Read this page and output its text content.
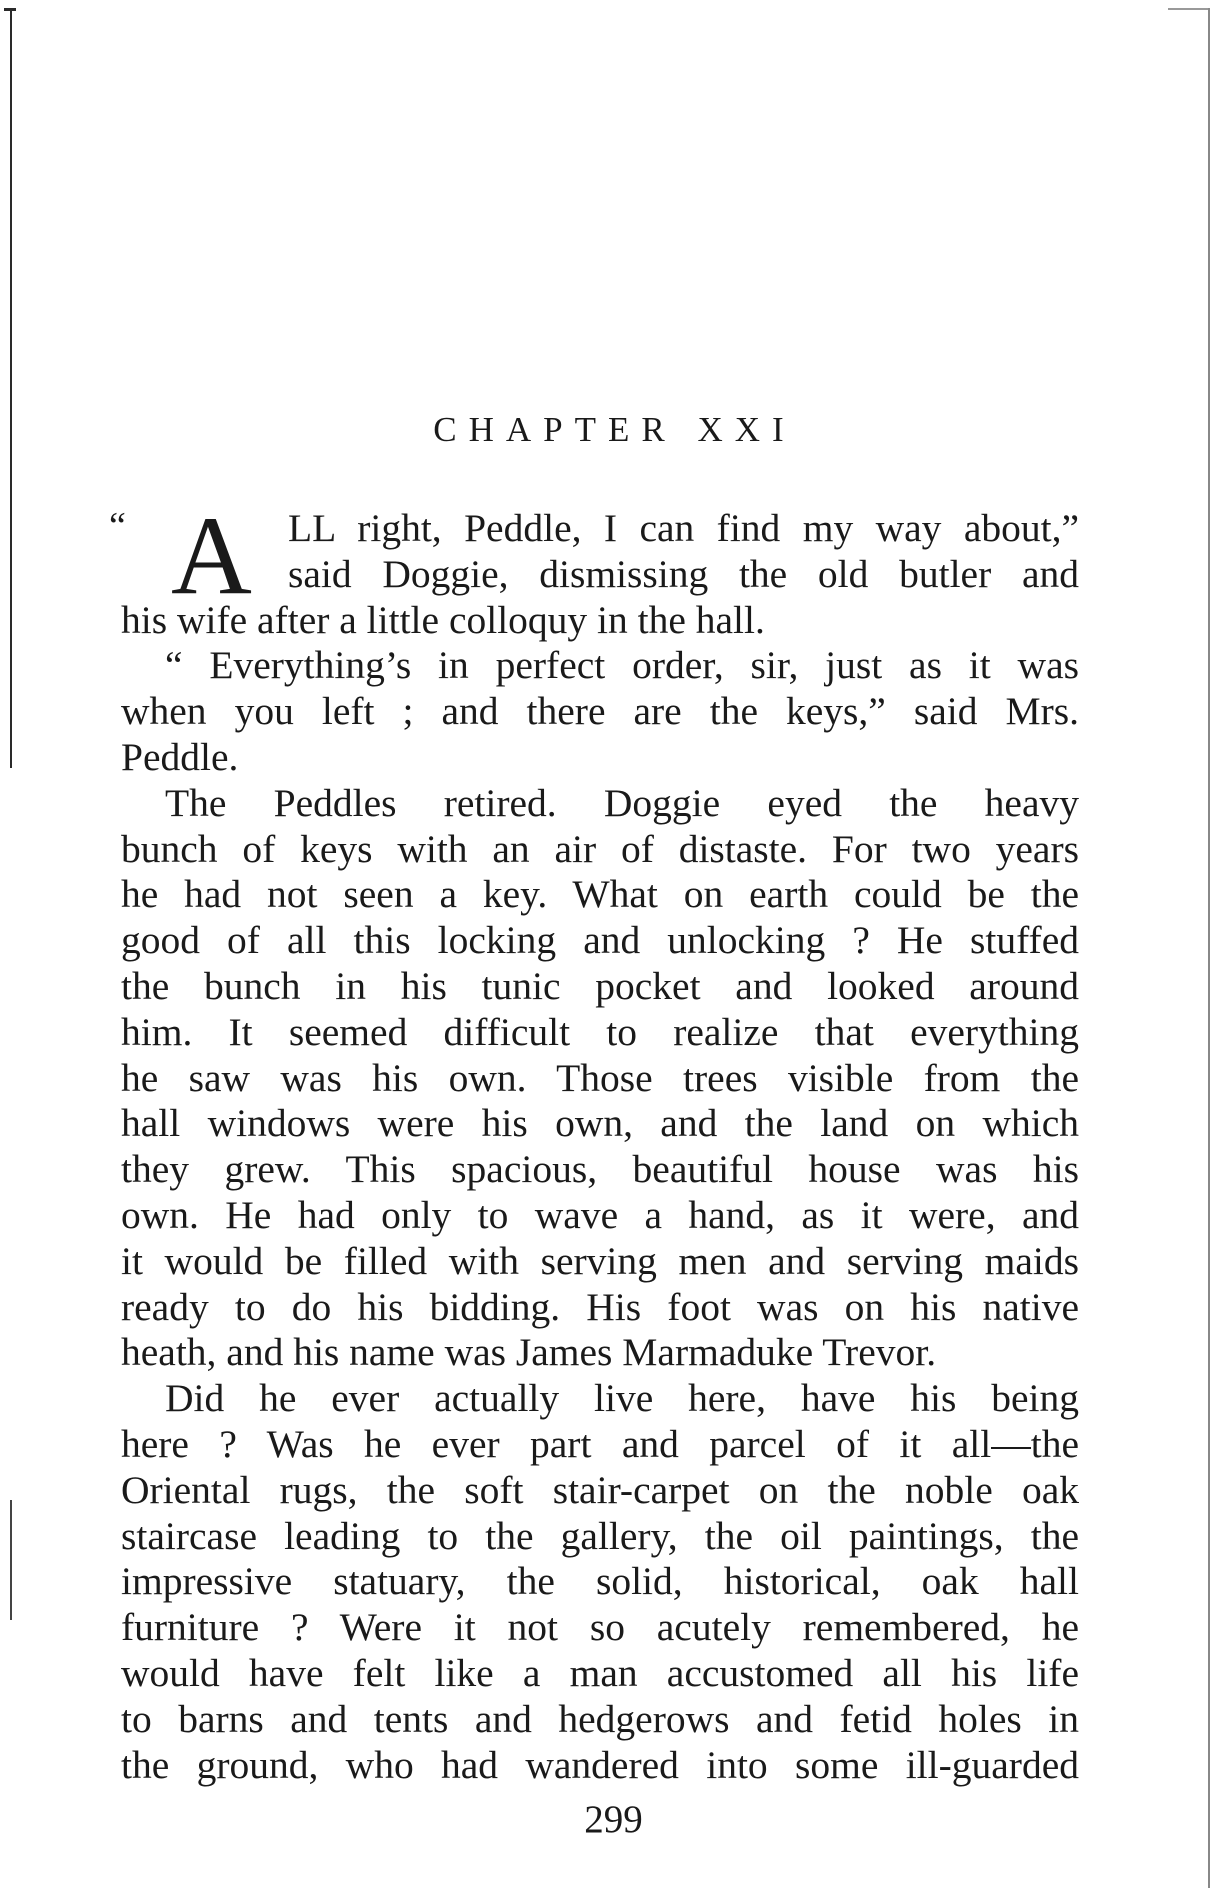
CHAPTER XXI
“ A LL right, Peddle, I can find my way about,”
said Doggie, dismissing the old butler and
his wife after a little colloquy in the hall.
“ Everything’s in perfect order, sir, just as it was
when you left ; and there are the keys,” said Mrs.
Peddle.
The Peddles retired. Doggie eyed the heavy
bunch of keys with an air of distaste. For two years
he had not seen a key. What on earth could be the
good of all this locking and unlocking ? He stuffed
the bunch in his tunic pocket and looked around
him. It seemed difficult to realize that everything
he saw was his own. Those trees visible from the
hall windows were his own, and the land on which
they grew. This spacious, beautiful house was his
own. He had only to wave a hand, as it were, and
it would be filled with serving men and serving maids
ready to do his bidding. His foot was on his native
heath, and his name was James Marmaduke Trevor.
Did he ever actually live here, have his being
here ? Was he ever part and parcel of it all—the
Oriental rugs, the soft stair-carpet on the noble oak
staircase leading to the gallery, the oil paintings, the
impressive statuary, the solid, historical, oak hall
furniture ? Were it not so acutely remembered, he
would have felt like a man accustomed all his life
to barns and tents and hedgerows and fetid holes in
the ground, who had wandered into some ill-guarded
299
